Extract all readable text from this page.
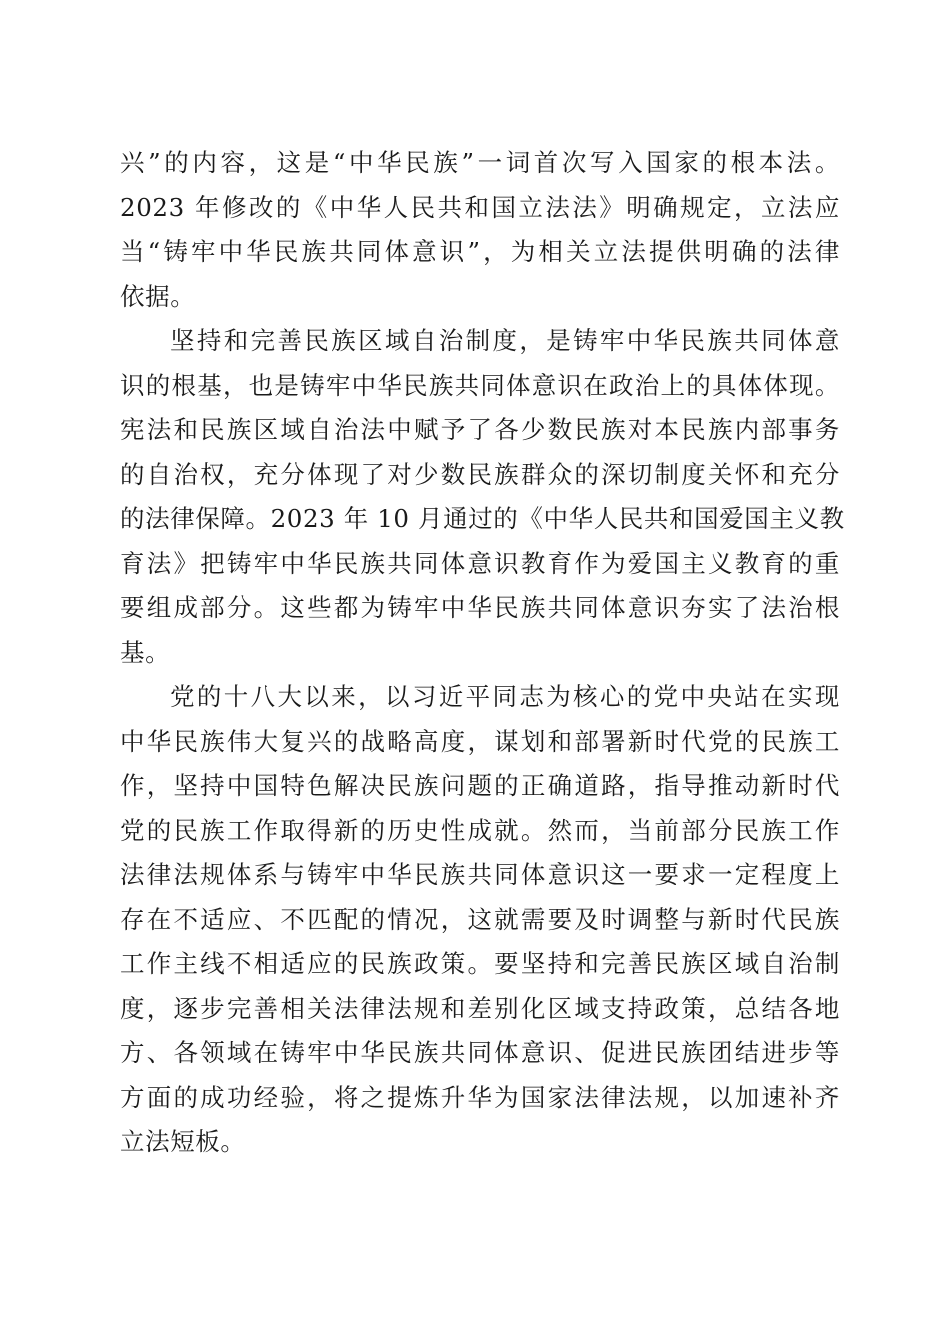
兴”的内容，这是“中华民族”一词首次写入国家的根本法。
2023 年修改的《中华人民共和国立法法》明确规定，立法应
当“铸牢中华民族共同体意识”，为相关立法提供明确的法律
依据。
坚持和完善民族区域自治制度，是铸牢中华民族共同体意
识的根基，也是铸牢中华民族共同体意识在政治上的具体体现。
宪法和民族区域自治法中赋予了各少数民族对本民族内部事务
的自治权，充分体现了对少数民族群众的深切制度关怀和充分
的法律保障。2023 年 10 月通过的《中华人民共和国爱国主义教
育法》把铸牢中华民族共同体意识教育作为爱国主义教育的重
要组成部分。这些都为铸牢中华民族共同体意识夯实了法治根
基。
党的十八大以来，以习近平同志为核心的党中央站在实现
中华民族伟大复兴的战略高度，谋划和部署新时代党的民族工
作，坚持中国特色解决民族问题的正确道路，指导推动新时代
党的民族工作取得新的历史性成就。然而，当前部分民族工作
法律法规体系与铸牢中华民族共同体意识这一要求一定程度上
存在不适应、不匹配的情况，这就需要及时调整与新时代民族
工作主线不相适应的民族政策。要坚持和完善民族区域自治制
度，逐步完善相关法律法规和差别化区域支持政策，总结各地
方、各领域在铸牢中华民族共同体意识、促进民族团结进步等
方面的成功经验，将之提炼升华为国家法律法规，以加速补齐
立法短板。
